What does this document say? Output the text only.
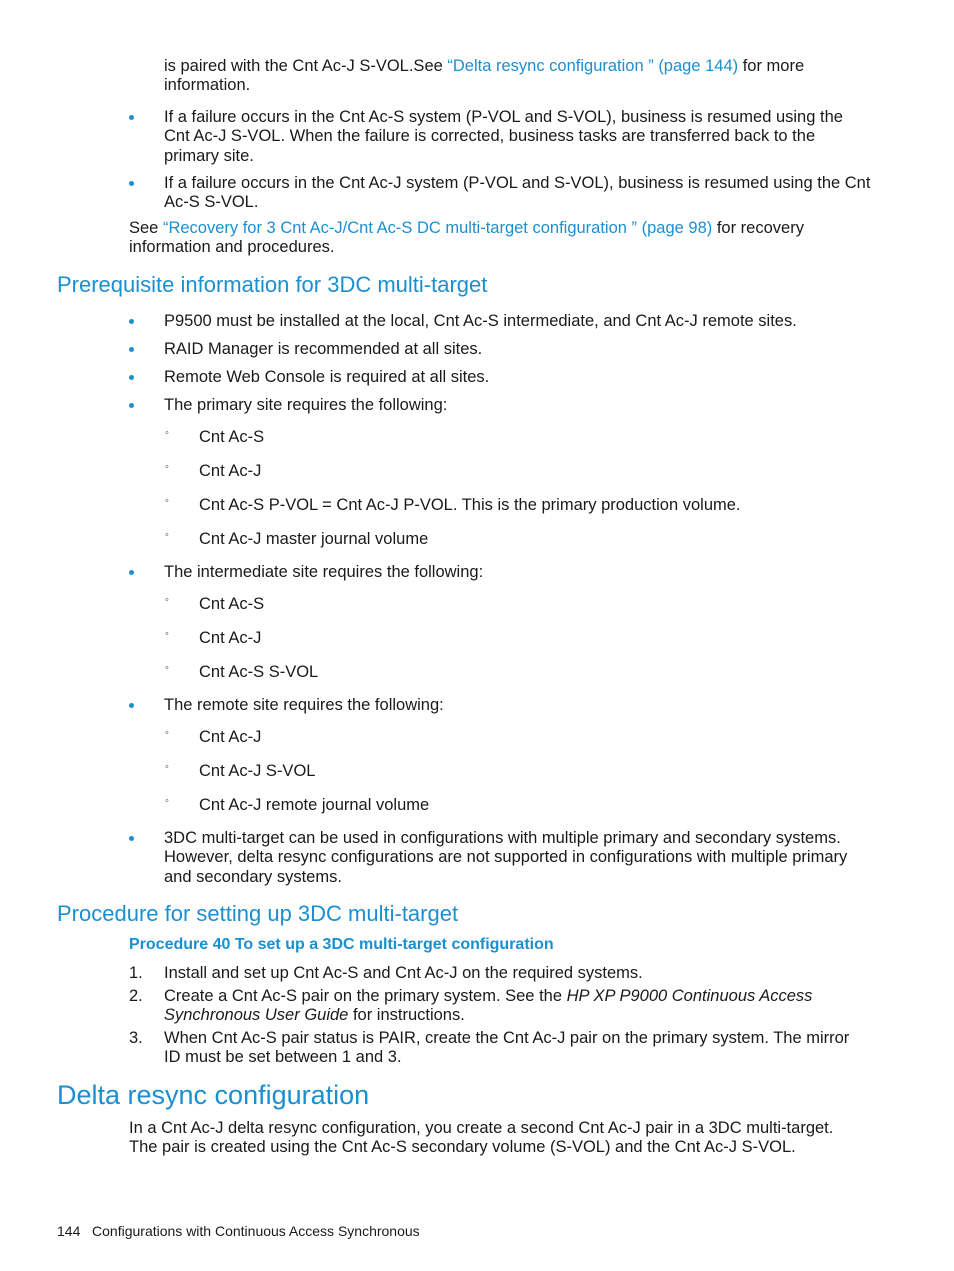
is paired with the Cnt Ac-J S-VOL.See “Delta resync configuration ” (page 144) for more
information.
If a failure occurs in the Cnt Ac-S system (P-VOL and S-VOL), business is resumed using the
Cnt Ac-J S-VOL. When the failure is corrected, business tasks are transferred back to the
primary site.
If a failure occurs in the Cnt Ac-J system (P-VOL and S-VOL), business is resumed using the Cnt
Ac-S S-VOL.
See “Recovery for 3 Cnt Ac-J/Cnt Ac-S DC multi-target configuration ” (page 98) for recovery
information and procedures.
Prerequisite information for 3DC multi-target
P9500 must be installed at the local, Cnt Ac-S intermediate, and Cnt Ac-J remote sites.
RAID Manager is recommended at all sites.
Remote Web Console is required at all sites.
The primary site requires the following:
◦ Cnt Ac-S
◦ Cnt Ac-J
◦ Cnt Ac-S P-VOL = Cnt Ac-J P-VOL. This is the primary production volume.
◦ Cnt Ac-J master journal volume
The intermediate site requires the following:
◦ Cnt Ac-S
◦ Cnt Ac-J
◦ Cnt Ac-S S-VOL
The remote site requires the following:
◦ Cnt Ac-J
◦ Cnt Ac-J S-VOL
◦ Cnt Ac-J remote journal volume
3DC multi-target can be used in configurations with multiple primary and secondary systems.
However, delta resync configurations are not supported in configurations with multiple primary
and secondary systems.
Procedure for setting up 3DC multi-target
Procedure 40 To set up a 3DC multi-target configuration
1. Install and set up Cnt Ac-S and Cnt Ac-J on the required systems.
2. Create a Cnt Ac-S pair on the primary system. See the HP XP P9000 Continuous Access
Synchronous User Guide for instructions.
3. When Cnt Ac-S pair status is PAIR, create the Cnt Ac-J pair on the primary system. The mirror
ID must be set between 1 and 3.
Delta resync configuration
In a Cnt Ac-J delta resync configuration, you create a second Cnt Ac-J pair in a 3DC multi-target.
The pair is created using the Cnt Ac-S secondary volume (S-VOL) and the Cnt Ac-J S-VOL.
144 Configurations with Continuous Access Synchronous
